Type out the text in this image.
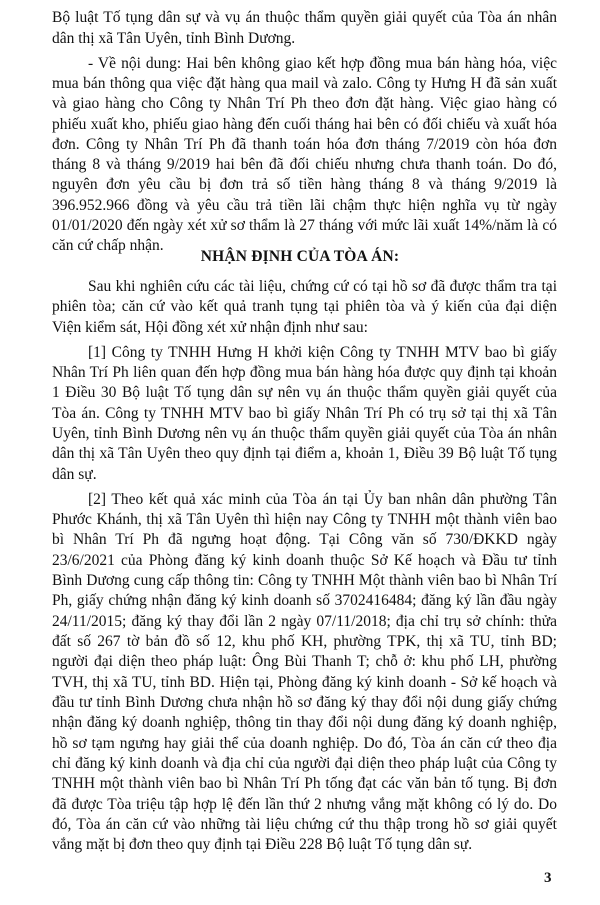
Bộ luật Tố tụng dân sự và vụ án thuộc thẩm quyền giải quyết của Tòa án nhân
dân thị xã Tân Uyên, tỉnh Bình Dương.
- Về nội dung: Hai bên không giao kết hợp đồng mua bán hàng hóa, việc
mua bán thông qua việc đặt hàng qua mail và zalo. Công ty Hưng H đã sản xuất
và giao hàng cho Công ty Nhân Trí Ph theo đơn đặt hàng. Việc giao hàng có
phiếu xuất kho, phiếu giao hàng đến cuối tháng hai bên có đối chiếu và xuất hóa
đơn. Công ty Nhân Trí Ph đã thanh toán hóa đơn tháng 7/2019 còn hóa đơn
tháng 8 và tháng 9/2019 hai bên đã đối chiếu nhưng chưa thanh toán. Do đó,
nguyên đơn yêu cầu bị đơn trả số tiền hàng tháng 8 và tháng 9/2019 là
396.952.966 đồng và yêu cầu trả tiền lãi chậm thực hiện nghĩa vụ từ ngày
01/01/2020 đến ngày xét xử sơ thẩm là 27 tháng với mức lãi xuất 14%/năm là có
căn cứ chấp nhận.
Sau khi nghiên cứu các tài liệu, chứng cứ có tại hồ sơ đã được thẩm tra tại
phiên tòa; căn cứ vào kết quả tranh tụng tại phiên tòa và ý kiến của đại diện
Viện kiểm sát, Hội đồng xét xử nhận định như sau:
[1] Công ty TNHH Hưng H khởi kiện Công ty TNHH MTV bao bì giấy
Nhân Trí Ph liên quan đến hợp đồng mua bán hàng hóa được quy định tại khoản
1 Điều 30 Bộ luật Tố tụng dân sự nên vụ án thuộc thẩm quyền giải quyết của
Tòa án. Công ty TNHH MTV bao bì giấy Nhân Trí Ph có trụ sở tại thị xã Tân
Uyên, tỉnh Bình Dương nên vụ án thuộc thẩm quyền giải quyết của Tòa án nhân
dân thị xã Tân Uyên theo quy định tại điểm a, khoản 1, Điều 39 Bộ luật Tố tụng
dân sự.
[2] Theo kết quả xác minh của Tòa án tại Ủy ban nhân dân phường Tân
Phước Khánh, thị xã Tân Uyên thì hiện nay Công ty TNHH một thành viên bao
bì Nhân Trí Ph đã ngưng hoạt động. Tại Công văn số 730/ĐKKD ngày
23/6/2021 của Phòng đăng ký kinh doanh thuộc Sở Kế hoạch và Đầu tư tỉnh
Bình Dương cung cấp thông tin: Công ty TNHH Một thành viên bao bì Nhân Trí
Ph, giấy chứng nhận đăng ký kinh doanh số 3702416484; đăng ký lần đầu ngày
24/11/2015; đăng ký thay đổi lần 2 ngày 07/11/2018; địa chỉ trụ sở chính: thửa
đất số 267 tờ bản đồ số 12, khu phố KH, phường TPK, thị xã TU, tỉnh BD;
người đại diện theo pháp luật: Ông Bùi Thanh T; chỗ ở: khu phố LH, phường
TVH, thị xã TU, tỉnh BD. Hiện tại, Phòng đăng ký kinh doanh - Sở kế hoạch và
đầu tư tỉnh Bình Dương chưa nhận hồ sơ đăng ký thay đổi nội dung giấy chứng
nhận đăng ký doanh nghiệp, thông tin thay đổi nội dung đăng ký doanh nghiệp,
hồ sơ tạm ngưng hay giải thể của doanh nghiệp. Do đó, Tòa án căn cứ theo địa
chỉ đăng ký kinh doanh và địa chỉ của người đại diện theo pháp luật của Công ty
TNHH một thành viên bao bì Nhân Trí Ph tống đạt các văn bản tố tụng. Bị đơn
đã được Tòa triệu tập hợp lệ đến lần thứ 2 nhưng vắng mặt không có lý do. Do
đó, Tòa án căn cứ vào những tài liệu chứng cứ thu thập trong hồ sơ giải quyết
vắng mặt bị đơn theo quy định tại Điều 228 Bộ luật Tố tụng dân sự.
NHẬN ĐỊNH CỦA TÒA ÁN:
3
